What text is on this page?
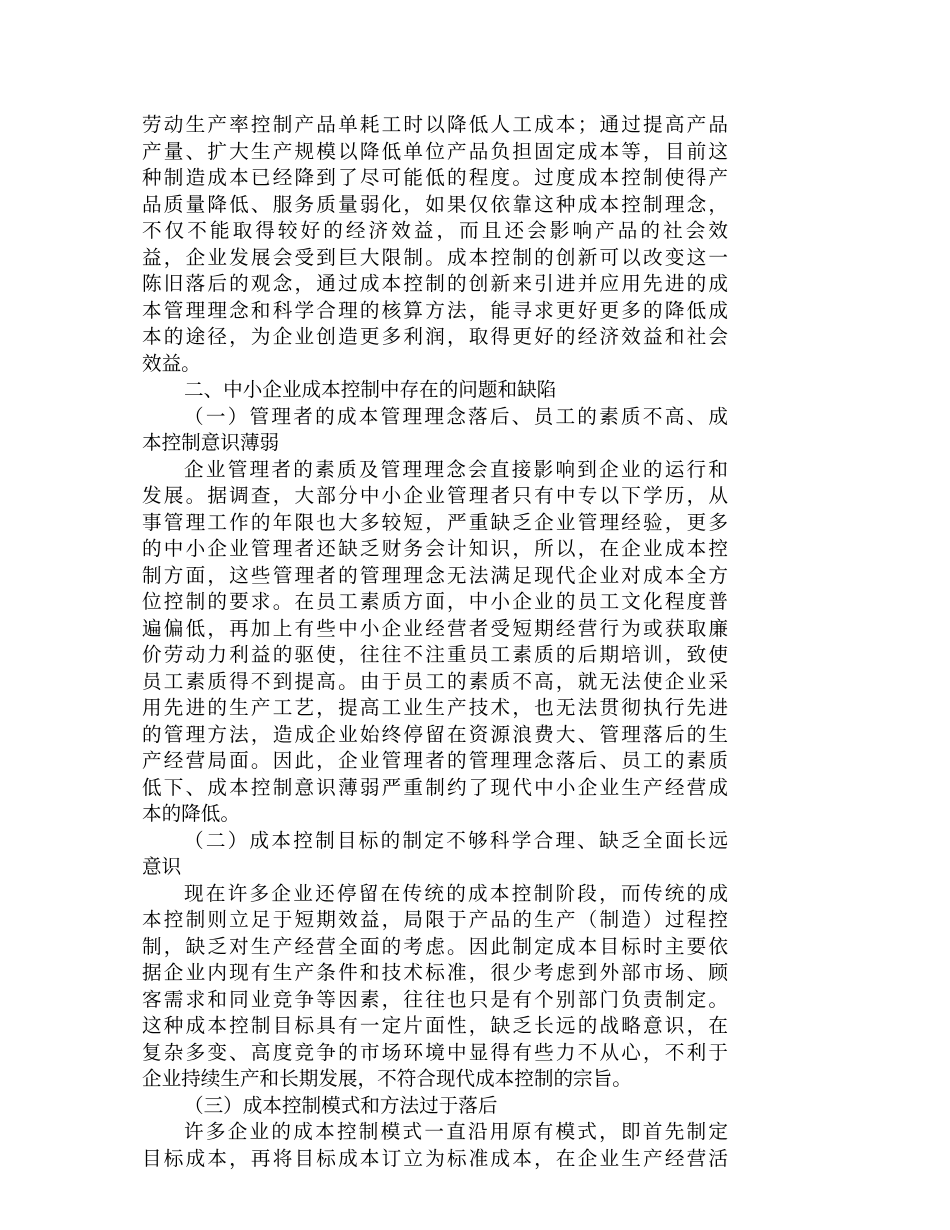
劳动生产率控制产品单耗工时以降低人工成本；通过提高产品
产量、扩大生产规模以降低单位产品负担固定成本等，目前这
种制造成本已经降到了尽可能低的程度。过度成本控制使得产
品质量降低、服务质量弱化，如果仅依靠这种成本控制理念，
不仅不能取得较好的经济效益，而且还会影响产品的社会效
益，企业发展会受到巨大限制。成本控制的创新可以改变这一
陈旧落后的观念，通过成本控制的创新来引进并应用先进的成
本管理理念和科学合理的核算方法，能寻求更好更多的降低成
本的途径，为企业创造更多利润，取得更好的经济效益和社会
效益。
二、中小企业成本控制中存在的问题和缺陷
（一）管理者的成本管理理念落后、员工的素质不高、成
本控制意识薄弱
企业管理者的素质及管理理念会直接影响到企业的运行和
发展。据调查，大部分中小企业管理者只有中专以下学历，从
事管理工作的年限也大多较短，严重缺乏企业管理经验，更多
的中小企业管理者还缺乏财务会计知识，所以，在企业成本控
制方面，这些管理者的管理理念无法满足现代企业对成本全方
位控制的要求。在员工素质方面，中小企业的员工文化程度普
遍偏低，再加上有些中小企业经营者受短期经营行为或获取廉
价劳动力利益的驱使，往往不注重员工素质的后期培训，致使
员工素质得不到提高。由于员工的素质不高，就无法使企业采
用先进的生产工艺，提高工业生产技术，也无法贯彻执行先进
的管理方法，造成企业始终停留在资源浪费大、管理落后的生
产经营局面。因此，企业管理者的管理理念落后、员工的素质
低下、成本控制意识薄弱严重制约了现代中小企业生产经营成
本的降低。
（二）成本控制目标的制定不够科学合理、缺乏全面长远
意识
现在许多企业还停留在传统的成本控制阶段，而传统的成
本控制则立足于短期效益，局限于产品的生产（制造）过程控
制，缺乏对生产经营全面的考虑。因此制定成本目标时主要依
据企业内现有生产条件和技术标准，很少考虑到外部市场、顾
客需求和同业竞争等因素，往往也只是有个别部门负责制定。
这种成本控制目标具有一定片面性，缺乏长远的战略意识，在
复杂多变、高度竞争的市场环境中显得有些力不从心，不利于
企业持续生产和长期发展，不符合现代成本控制的宗旨。
（三）成本控制模式和方法过于落后
许多企业的成本控制模式一直沿用原有模式，即首先制定
目标成本，再将目标成本订立为标准成本，在企业生产经营活
